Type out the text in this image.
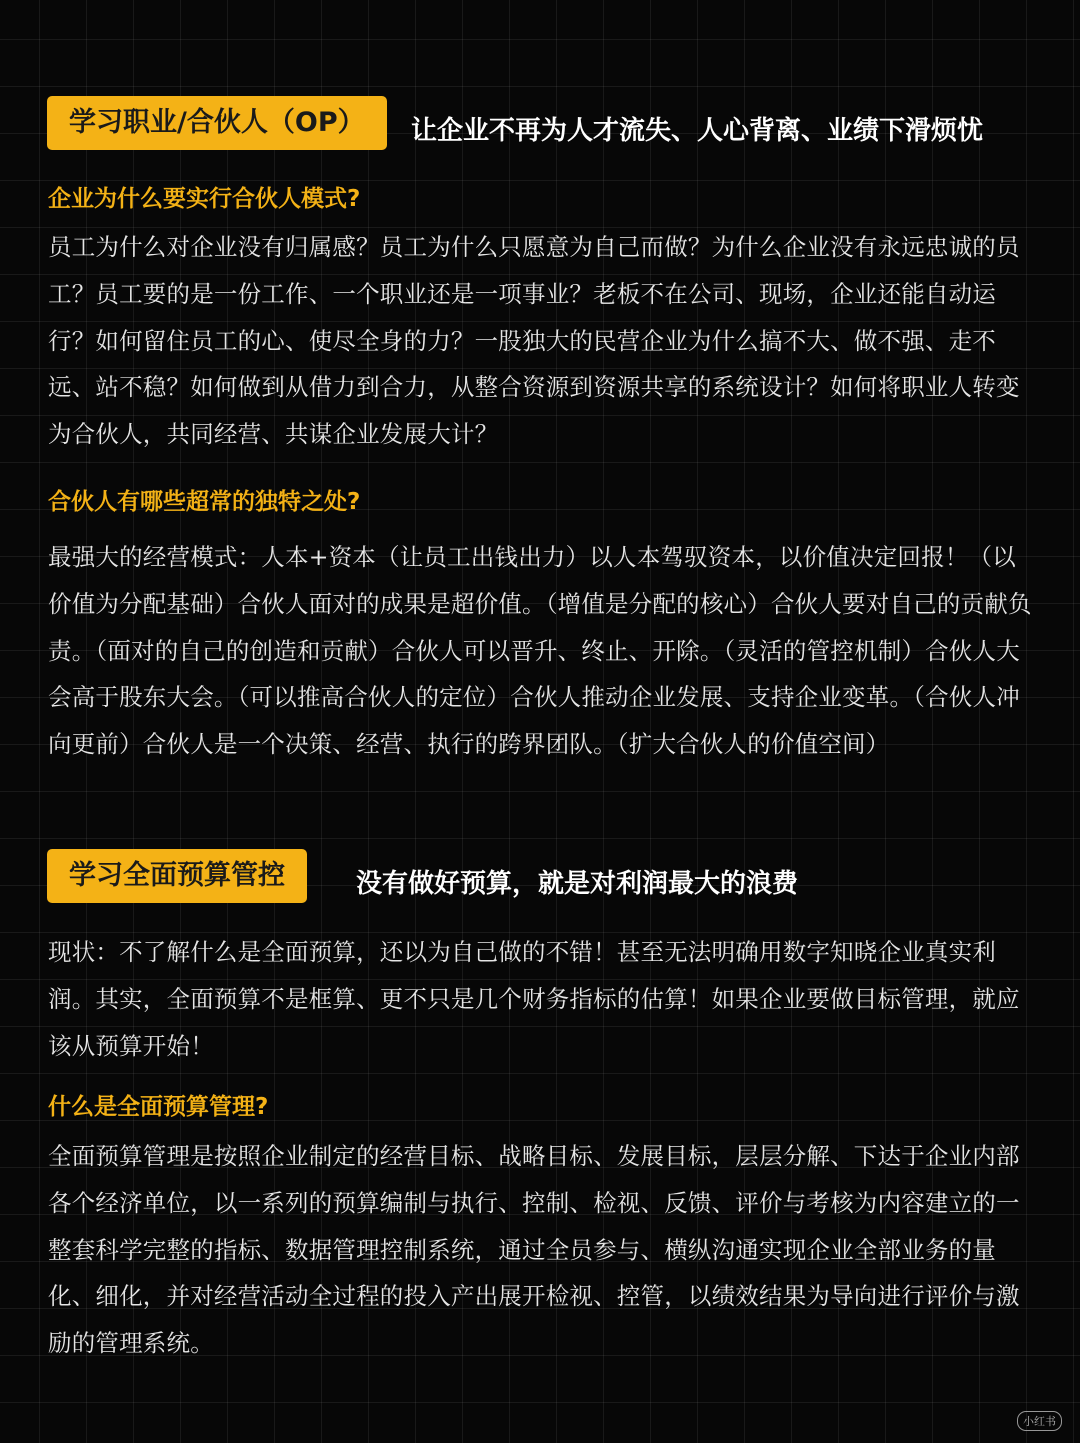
学习职业/合伙人（OP）	让企业不再为人才流失、人心背离、业绩下滑烦忧
企业为什么要实行合伙人模式?

员工为什么对企业没有归属感？员工为什么只愿意为自己而做？为什么企业没有永远忠诚的员工？员工要的是一份工作、一个职业还是一项事业？老板不在公司、现场，企业还能自动运行？如何留住员工的心、使尽全身的力？一股独大的民营企业为什么搞不大、做不强、走不远、站不稳？如何做到从借力到合力，从整合资源到资源共享的系统设计？如何将职业人转变为合伙人，共同经营、共谋企业发展大计？

合伙人有哪些超常的独特之处?

最强大的经营模式：人本+资本（让员工出钱出力）以人本驾驭资本，以价值决定回报！（以价值为分配基础）合伙人面对的成果是超价值。（增值是分配的核心）合伙人要对自己的贡献负责。（面对的自己的创造和贡献）合伙人可以晋升、终止、开除。（灵活的管控机制）合伙人大会高于股东大会。（可以推高合伙人的定位）合伙人推动企业发展、支持企业变革。（合伙人冲向更前）合伙人是一个决策、经营、执行的跨界团队。（扩大合伙人的价值空间）

学习全面预算管控	没有做好预算，就是对利润最大的浪费

现状：不了解什么是全面预算，还以为自己做的不错！甚至无法明确用数字知晓企业真实利润。其实，全面预算不是框算、更不只是几个财务指标的估算！如果企业要做目标管理，就应该从预算开始！

什么是全面预算管理?

全面预算管理是按照企业制定的经营目标、战略目标、发展目标，层层分解、下达于企业内部各个经济单位，以一系列的预算编制与执行、控制、检视、反馈、评价与考核为内容建立的一整套科学完整的指标、数据管理控制系统，通过全员参与、横纵沟通实现企业全部业务的量化、细化，并对经营活动全过程的投入产出展开检视、控管，以绩效结果为导向进行评价与激励的管理系统。

小红书
